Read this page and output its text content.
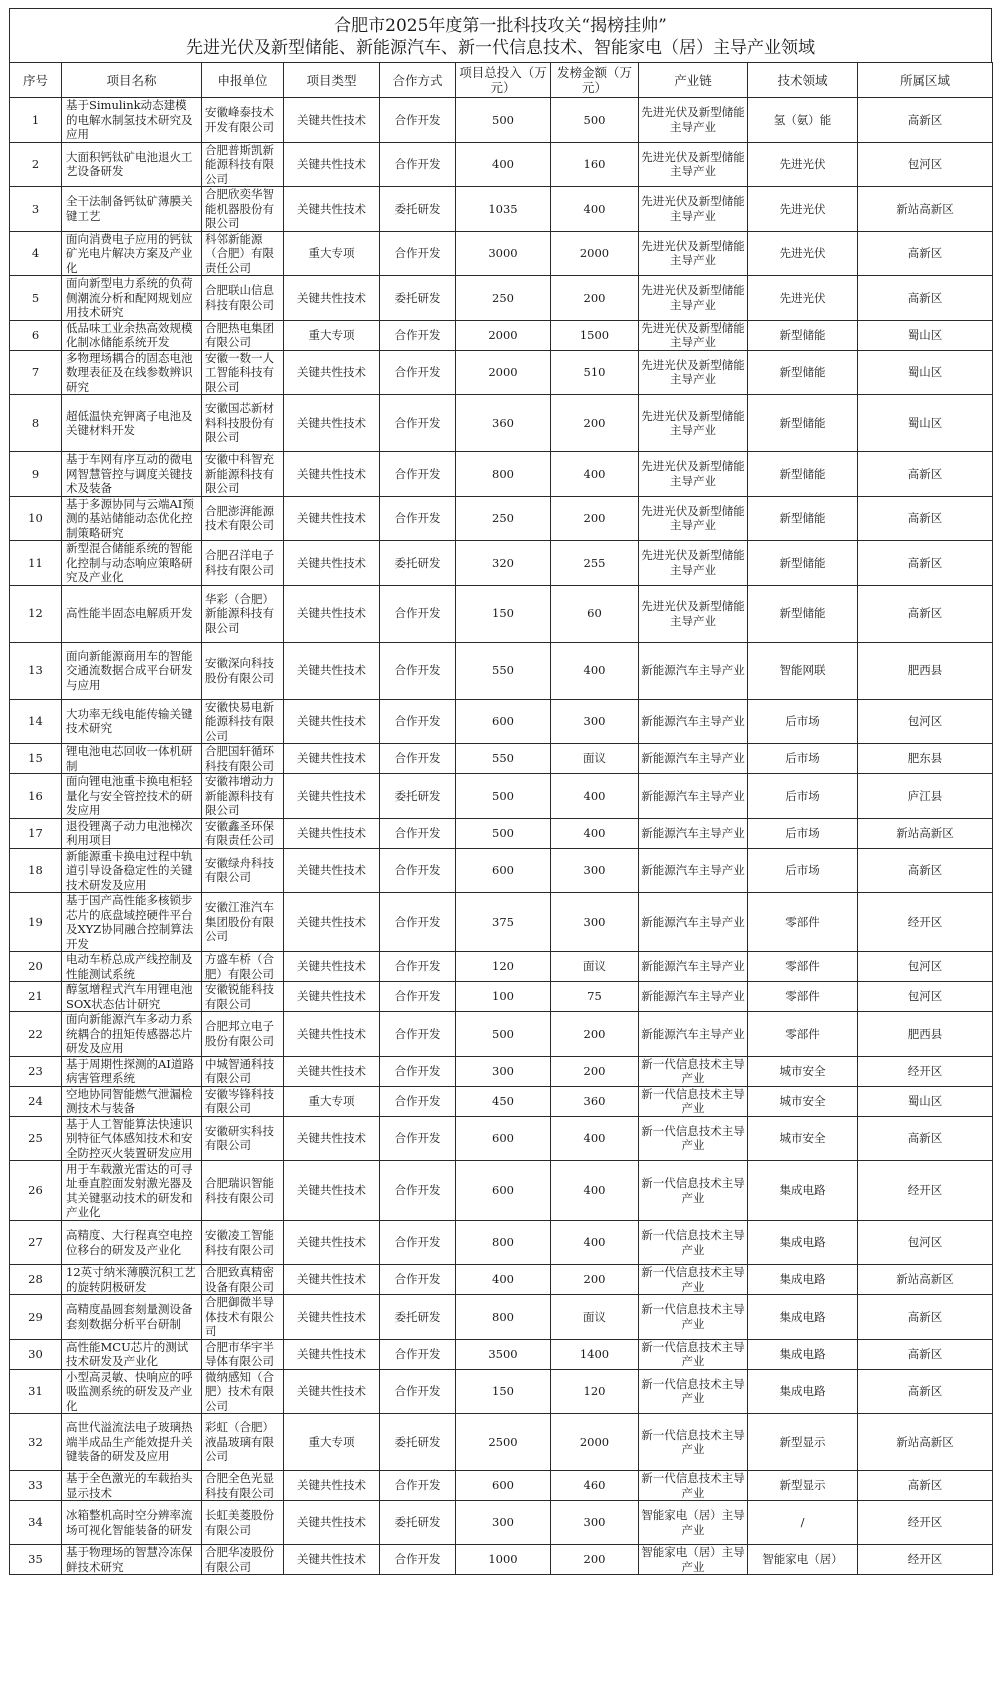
合肥市2025年度第一批科技攻关“揭榜挂帅”
先进光伏及新型储能、新能源汽车、新一代信息技术、智能家电（居）主导产业领域
序号	项目名称	申报单位	项目类型	合作方式	项目总投入（万元）	发榜金额（万元）	产业链	技术领域	所属区域
1	基于Simulink动态建模的电解水制氢技术研究及应用	安徽峰泰技术开发有限公司	关键共性技术	合作开发	500	500	先进光伏及新型储能主导产业	氢（氨）能	高新区
2	大面积钙钛矿电池退火工艺设备研发	合肥普斯凯新能源科技有限公司	关键共性技术	合作开发	400	160	先进光伏及新型储能主导产业	先进光伏	包河区
3	全干法制备钙钛矿薄膜关键工艺	合肥欣奕华智能机器股份有限公司	关键共性技术	委托研发	1035	400	先进光伏及新型储能主导产业	先进光伏	新站高新区
4	面向消费电子应用的钙钛矿光电片解决方案及产业化	科邻新能源（合肥）有限责任公司	重大专项	合作开发	3000	2000	先进光伏及新型储能主导产业	先进光伏	高新区
5	面向新型电力系统的负荷侧潮流分析和配网规划应用技术研究	合肥联山信息科技有限公司	关键共性技术	委托研发	250	200	先进光伏及新型储能主导产业	先进光伏	高新区
6	低品味工业余热高效规模化制冰储能系统开发	合肥热电集团有限公司	重大专项	合作开发	2000	1500	先进光伏及新型储能主导产业	新型储能	蜀山区
7	多物理场耦合的固态电池数理表征及在线参数辨识研究	安徽一数一人工智能科技有限公司	关键共性技术	合作开发	2000	510	先进光伏及新型储能主导产业	新型储能	蜀山区
8	超低温快充钾离子电池及关键材料开发	安徽国芯新材料科技股份有限公司	关键共性技术	合作开发	360	200	先进光伏及新型储能主导产业	新型储能	蜀山区
9	基于车网有序互动的微电网智慧管控与调度关键技术及装备	安徽中科智充新能源科技有限公司	关键共性技术	合作开发	800	400	先进光伏及新型储能主导产业	新型储能	高新区
10	基于多源协同与云端AI预测的基站储能动态优化控制策略研究	合肥澎湃能源技术有限公司	关键共性技术	合作开发	250	200	先进光伏及新型储能主导产业	新型储能	高新区
11	新型混合储能系统的智能化控制与动态响应策略研究及产业化	合肥召洋电子科技有限公司	关键共性技术	委托研发	320	255	先进光伏及新型储能主导产业	新型储能	高新区
12	高性能半固态电解质开发	华彩（合肥）新能源科技有限公司	关键共性技术	合作开发	150	60	先进光伏及新型储能主导产业	新型储能	高新区
13	面向新能源商用车的智能交通流数据合成平台研发与应用	安徽深向科技股份有限公司	关键共性技术	合作开发	550	400	新能源汽车主导产业	智能网联	肥西县
14	大功率无线电能传输关键技术研究	安徽快易电新能源科技有限公司	关键共性技术	合作开发	600	300	新能源汽车主导产业	后市场	包河区
15	锂电池电芯回收一体机研制	合肥国轩循环科技有限公司	关键共性技术	合作开发	550	面议	新能源汽车主导产业	后市场	肥东县
16	面向锂电池重卡换电柜轻量化与安全管控技术的研发应用	安徽祎增动力新能源科技有限公司	关键共性技术	委托研发	500	400	新能源汽车主导产业	后市场	庐江县
17	退役锂离子动力电池梯次利用项目	安徽鑫圣环保有限责任公司	关键共性技术	合作开发	500	400	新能源汽车主导产业	后市场	新站高新区
18	新能源重卡换电过程中轨道引导设备稳定性的关键技术研发及应用	安徽绿舟科技有限公司	关键共性技术	合作开发	600	300	新能源汽车主导产业	后市场	高新区
19	基于国产高性能多核锁步芯片的底盘域控硬件平台及XYZ协同融合控制算法开发	安徽江淮汽车集团股份有限公司	关键共性技术	合作开发	375	300	新能源汽车主导产业	零部件	经开区
20	电动车桥总成产线控制及性能测试系统	方盛车桥（合肥）有限公司	关键共性技术	合作开发	120	面议	新能源汽车主导产业	零部件	包河区
21	醇氢增程式汽车用锂电池SOX状态估计研究	安徽锐能科技有限公司	关键共性技术	合作开发	100	75	新能源汽车主导产业	零部件	包河区
22	面向新能源汽车多动力系统耦合的扭矩传感器芯片研发及应用	合肥邦立电子股份有限公司	关键共性技术	合作开发	500	200	新能源汽车主导产业	零部件	肥西县
23	基于周期性探测的AI道路病害管理系统	中城智通科技有限公司	关键共性技术	合作开发	300	200	新一代信息技术主导产业	城市安全	经开区
24	空地协同智能燃气泄漏检测技术与装备	安徽岑锋科技有限公司	重大专项	合作开发	450	360	新一代信息技术主导产业	城市安全	蜀山区
25	基于人工智能算法快速识别特征气体感知技术和安全防控灭火装置研发应用	安徽研实科技有限公司	关键共性技术	合作开发	600	400	新一代信息技术主导产业	城市安全	高新区
26	用于车载激光雷达的可寻址垂直腔面发射激光器及其关键驱动技术的研发和产业化	合肥瑞识智能科技有限公司	关键共性技术	合作开发	600	400	新一代信息技术主导产业	集成电路	经开区
27	高精度、大行程真空电控位移台的研发及产业化	安徽凌工智能科技有限公司	关键共性技术	合作开发	800	400	新一代信息技术主导产业	集成电路	包河区
28	12英寸纳米薄膜沉积工艺的旋转阴极研发	合肥致真精密设备有限公司	关键共性技术	合作开发	400	200	新一代信息技术主导产业	集成电路	新站高新区
29	高精度晶圆套刻量测设备套刻数据分析平台研制	合肥御微半导体技术有限公司	关键共性技术	委托研发	800	面议	新一代信息技术主导产业	集成电路	高新区
30	高性能MCU芯片的测试技术研发及产业化	合肥市华宇半导体有限公司	关键共性技术	合作开发	3500	1400	新一代信息技术主导产业	集成电路	高新区
31	小型高灵敏、快响应的呼吸监测系统的研发及产业化	微纳感知（合肥）技术有限公司	关键共性技术	合作开发	150	120	新一代信息技术主导产业	集成电路	高新区
32	高世代溢流法电子玻璃热端半成品生产能效提升关键装备的研发及应用	彩虹（合肥）液晶玻璃有限公司	重大专项	委托研发	2500	2000	新一代信息技术主导产业	新型显示	新站高新区
33	基于全色激光的车载抬头显示技术	合肥全色光显科技有限公司	关键共性技术	合作开发	600	460	新一代信息技术主导产业	新型显示	高新区
34	冰箱整机高时空分辨率流场可视化智能装备的研发	长虹美菱股份有限公司	关键共性技术	委托研发	300	300	智能家电（居）主导产业	/	经开区
35	基于物理场的智慧冷冻保鲜技术研究	合肥华凌股份有限公司	关键共性技术	合作开发	1000	200	智能家电（居）主导产业	智能家电（居）	经开区
